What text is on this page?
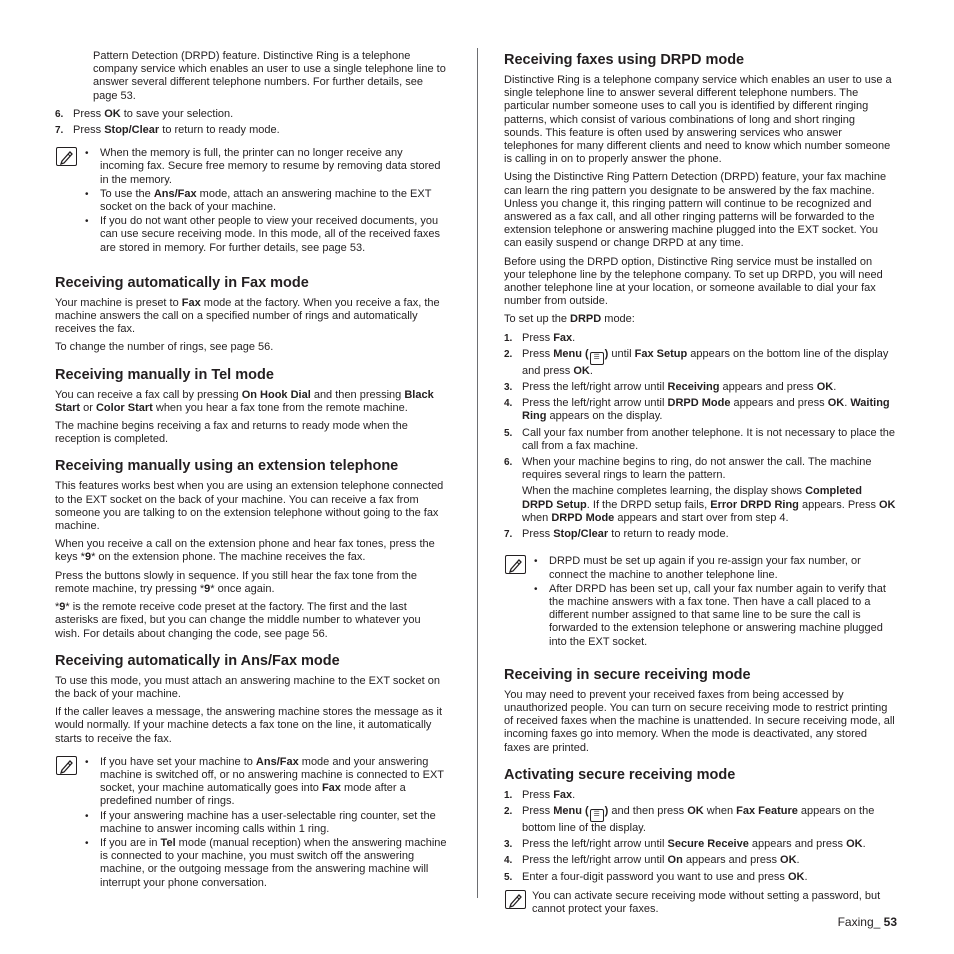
Pattern Detection (DRPD) feature. Distinctive Ring is a telephone company service which enables an user to use a single telephone line to answer several different telephone numbers. For further details, see page 53.

6. Press OK to save your selection.
7. Press Stop/Clear to return to ready mode.
• When the memory is full, the printer can no longer receive any incoming fax. Secure free memory to resume by removing data stored in the memory.
• To use the Ans/Fax mode, attach an answering machine to the EXT socket on the back of your machine.
• If you do not want other people to view your received documents, you can use secure receiving mode. In this mode, all of the received faxes are stored in memory. For further details, see page 53.
Receiving automatically in Fax mode

Your machine is preset to Fax mode at the factory. When you receive a fax, the machine answers the call on a specified number of rings and automatically receives the fax.

To change the number of rings, see page 56.

Receiving manually in Tel mode

You can receive a fax call by pressing On Hook Dial and then pressing Black Start or Color Start when you hear a fax tone from the remote machine.

The machine begins receiving a fax and returns to ready mode when the reception is completed.

Receiving manually using an extension telephone

This features works best when you are using an extension telephone connected to the EXT socket on the back of your machine. You can receive a fax from someone you are talking to on the extension telephone without going to the fax machine.

When you receive a call on the extension phone and hear fax tones, press the keys *9* on the extension phone. The machine receives the fax.

Press the buttons slowly in sequence. If you still hear the fax tone from the remote machine, try pressing *9* once again.

*9* is the remote receive code preset at the factory. The first and the last asterisks are fixed, but you can change the middle number to whatever you wish. For details about changing the code, see page 56.

Receiving automatically in Ans/Fax mode

To use this mode, you must attach an answering machine to the EXT socket on the back of your machine.

If the caller leaves a message, the answering machine stores the message as it would normally. If your machine detects a fax tone on the line, it automatically starts to receive the fax.

• If you have set your machine to Ans/Fax mode and your answering machine is switched off, or no answering machine is connected to EXT socket, your machine automatically goes into Fax mode after a predefined number of rings.
• If your answering machine has a user-selectable ring counter, set the machine to answer incoming calls within 1 ring.
• If you are in Tel mode (manual reception) when the answering machine is connected to your machine, you must switch off the answering machine, or the outgoing message from the answering machine will interrupt your phone conversation.
Receiving faxes using DRPD mode

Distinctive Ring is a telephone company service which enables an user to use a single telephone line to answer several different telephone numbers. The particular number someone uses to call you is identified by different ringing patterns, which consist of various combinations of long and short ringing sounds. This feature is often used by answering services who answer telephones for many different clients and need to know which number someone is calling in on to properly answer the phone.

Using the Distinctive Ring Pattern Detection (DRPD) feature, your fax machine can learn the ring pattern you designate to be answered by the fax machine. Unless you change it, this ringing pattern will continue to be recognized and answered as a fax call, and all other ringing patterns will be forwarded to the extension telephone or answering machine plugged into the EXT socket. You can easily suspend or change DRPD at any time.

Before using the DRPD option, Distinctive Ring service must be installed on your telephone line by the telephone company. To set up DRPD, you will need another telephone line at your location, or someone available to dial your fax number from outside.

To set up the DRPD mode:

1. Press Fax.
2. Press Menu ( ☰ ) until Fax Setup appears on the bottom line of the display and press OK.
3. Press the left/right arrow until Receiving appears and press OK.
4. Press the left/right arrow until DRPD Mode appears and press OK. Waiting Ring appears on the display.
5. Call your fax number from another telephone. It is not necessary to place the call from a fax machine.
6. When your machine begins to ring, do not answer the call. The machine requires several rings to learn the pattern.
When the machine completes learning, the display shows Completed DRPD Setup. If the DRPD setup fails, Error DRPD Ring appears. Press OK when DRPD Mode appears and start over from step 4.
7. Press Stop/Clear to return to ready mode.
• DRPD must be set up again if you re-assign your fax number, or connect the machine to another telephone line.
• After DRPD has been set up, call your fax number again to verify that the machine answers with a fax tone. Then have a call placed to a different number assigned to that same line to be sure the call is forwarded to the extension telephone or answering machine plugged into the EXT socket.
Receiving in secure receiving mode

You may need to prevent your received faxes from being accessed by unauthorized people. You can turn on secure receiving mode to restrict printing of received faxes when the machine is unattended. In secure receiving mode, all incoming faxes go into memory. When the mode is deactivated, any stored faxes are printed.

Activating secure receiving mode
1. Press Fax.
2. Press Menu ( ☰ ) and then press OK when Fax Feature appears on the bottom line of the display.
3. Press the left/right arrow until Secure Receive appears and press OK.
4. Press the left/right arrow until On appears and press OK.
5. Enter a four-digit password you want to use and press OK.

You can activate secure receiving mode without setting a password, but cannot protect your faxes.

Faxing_ 53
